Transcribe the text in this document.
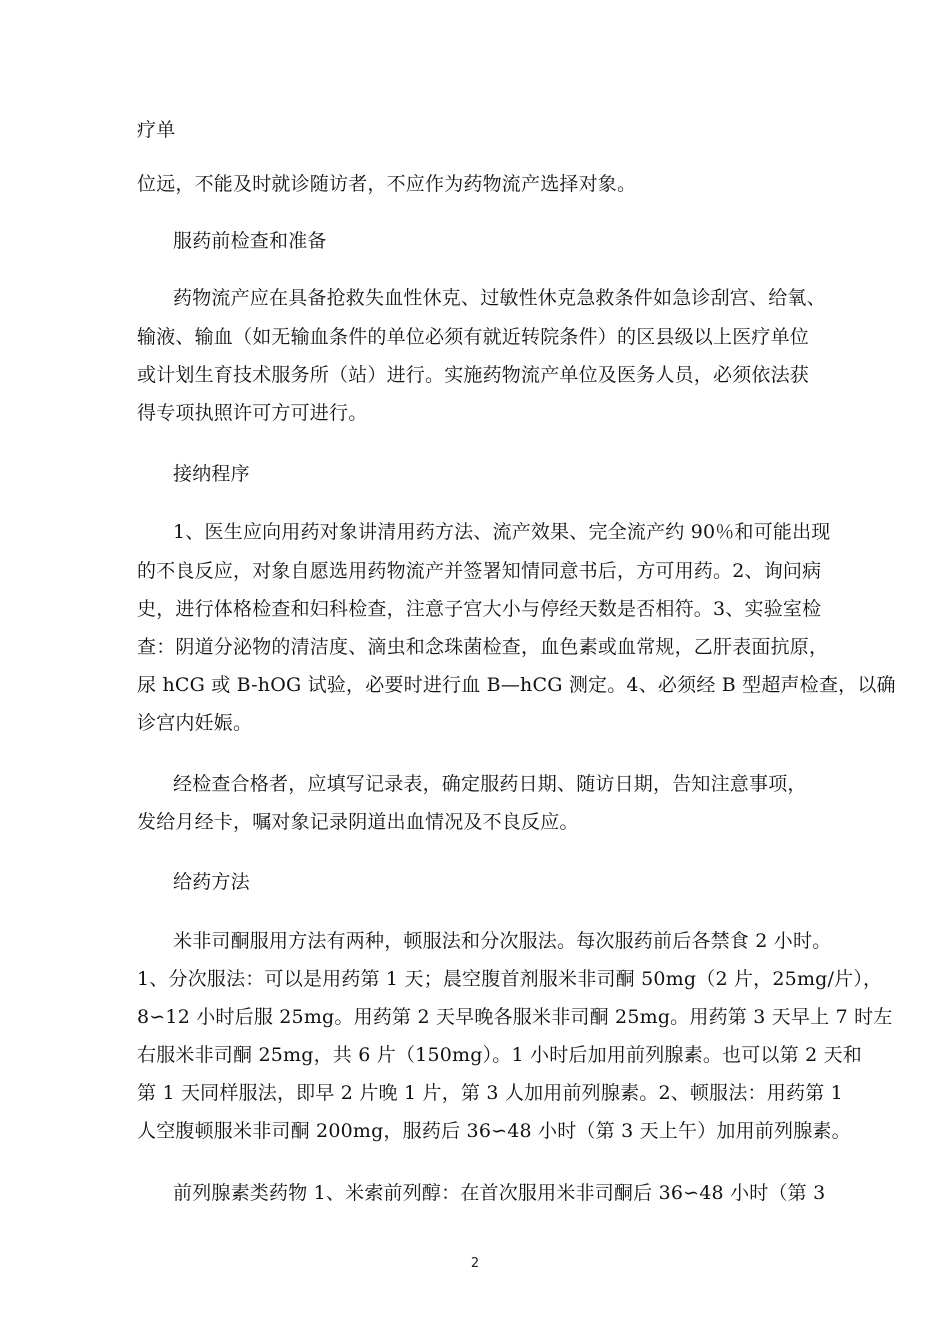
疗单
位远，不能及时就诊随访者，不应作为药物流产选择对象。
服药前检查和准备
药物流产应在具备抢救失血性休克、过敏性休克急救条件如急诊刮宫、给氧、
输液、输血（如无输血条件的单位必须有就近转院条件）的区县级以上医疗单位
或计划生育技术服务所（站）进行。实施药物流产单位及医务人员，必须依法获
得专项执照许可方可进行。
接纳程序
1、医生应向用药对象讲清用药方法、流产效果、完全流产约 90％和可能出现
的不良反应，对象自愿选用药物流产并签署知情同意书后，方可用药。2、询问病
史，进行体格检查和妇科检查，注意子宫大小与停经天数是否相符。3、实验室检
查：阴道分泌物的清洁度、滴虫和念珠菌检查，血色素或血常规，乙肝表面抗原，
尿 hCG 或 B-hOG 试验，必要时进行血 B—hCG 测定。4、必须经 B 型超声检查，以确
诊宫内妊娠。
经检查合格者，应填写记录表，确定服药日期、随访日期，告知注意事项，
发给月经卡，嘱对象记录阴道出血情况及不良反应。
给药方法
米非司酮服用方法有两种，顿服法和分次服法。每次服药前后各禁食 2 小时。
1、分次服法：可以是用药第 1 天；晨空腹首剂服米非司酮 50mg（2 片，25mg/片），
8∽12 小时后服 25mg。用药第 2 天早晚各服米非司酮 25mg。用药第 3 天早上 7 时左
右服米非司酮 25mg，共 6 片（150mg）。1 小时后加用前列腺素。也可以第 2 天和
第 1 天同样服法，即早 2 片晚 1 片，第 3 人加用前列腺素。2、顿服法：用药第 1
人空腹顿服米非司酮 200mg，服药后 36∽48 小时（第 3 天上午）加用前列腺素。
前列腺素类药物 1、米索前列醇：在首次服用米非司酮后 36∽48 小时（第 3
2
